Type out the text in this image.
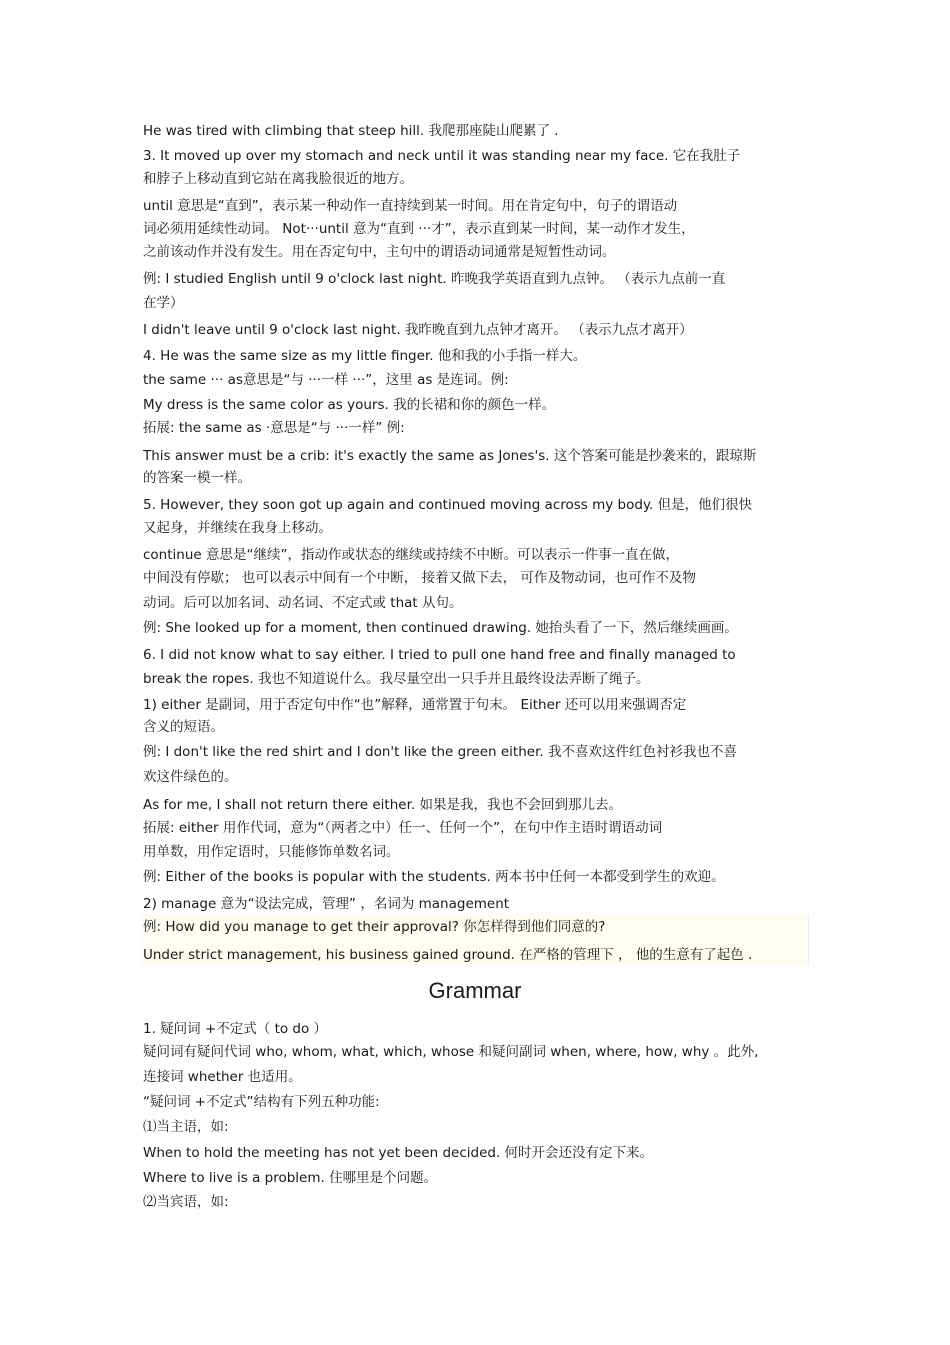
He was tired with climbing that steep hill. 我爬那座陡山爬累了 .
3. It moved up over my stomach and neck until it was standing near my face. 它在我肚子
和脖子上移动直到它站在离我脸很近的地方。
until 意思是“直到”，表示某一种动作一直持续到某一时间。用在肯定句中，句子的谓语动
词必须用延续性动词。 Not···until 意为“直到 ···才”，表示直到某一时间，某一动作才发生，
之前该动作并没有发生。用在否定句中，主句中的谓语动词通常是短暂性动词。
例: I studied English until 9 o'clock last night. 昨晚我学英语直到九点钟。 （表示九点前一直
在学）
I didn't leave until 9 o'clock last night. 我昨晚直到九点钟才离开。 （表示九点才离开）
4. He was the same size as my little finger. 他和我的小手指一样大。
the same ··· as意思是“与 ···一样 ···”，这里 as 是连词。例:
My dress is the same color as yours. 我的长裙和你的颜色一样。
拓展: the same as ·意思是“与 ···一样” 例:
This answer must be a crib: it's exactly the same as Jones's. 这个答案可能是抄袭来的，跟琼斯
的答案一模一样。
5. However, they soon got up again and continued moving across my body. 但是，他们很快
又起身，并继续在我身上移动。
continue 意思是“继续”，指动作或状态的继续或持续不中断。可以表示一件事一直在做，
中间没有停歇； 也可以表示中间有一个中断， 接着又做下去， 可作及物动词，也可作不及物
动词。后可以加名词、动名词、不定式或 that 从句。
例: She looked up for a moment, then continued drawing. 她抬头看了一下，然后继续画画。
6. I did not know what to say either. I tried to pull one hand free and finally managed to
break the ropes. 我也不知道说什么。我尽量空出一只手并且最终设法弄断了绳子。
1) either 是副词，用于否定句中作“也”解释，通常置于句末。 Either 还可以用来强调否定
含义的短语。
例: I don't like the red shirt and I don't like the green either. 我不喜欢这件红色衬衫我也不喜
欢这件绿色的。
As for me, I shall not return there either. 如果是我，我也不会回到那儿去。
拓展: either 用作代词，意为“（两者之中）任一、任何一个”，在句中作主语时谓语动词
用单数，用作定语时，只能修饰单数名词。
例: Either of the books is popular with the students. 两本书中任何一本都受到学生的欢迎。
2) manage 意为“设法完成，管理” ，名词为 management
例: How did you manage to get their approval? 你怎样得到他们同意的?
Under strict management, his business gained ground. 在严格的管理下 ， 他的生意有了起色 .
Grammar
1. 疑问词 +不定式（ to do ）
疑问词有疑问代词 who, whom, what, which, whose 和疑问副词 when, where, how, why 。此外,
连接词 whether 也适用。
“疑问词 +不定式”结构有下列五种功能:
⑴当主语，如:
When to hold the meeting has not yet been decided. 何时开会还没有定下来。
Where to live is a problem. 住哪里是个问题。
⑵当宾语，如:
